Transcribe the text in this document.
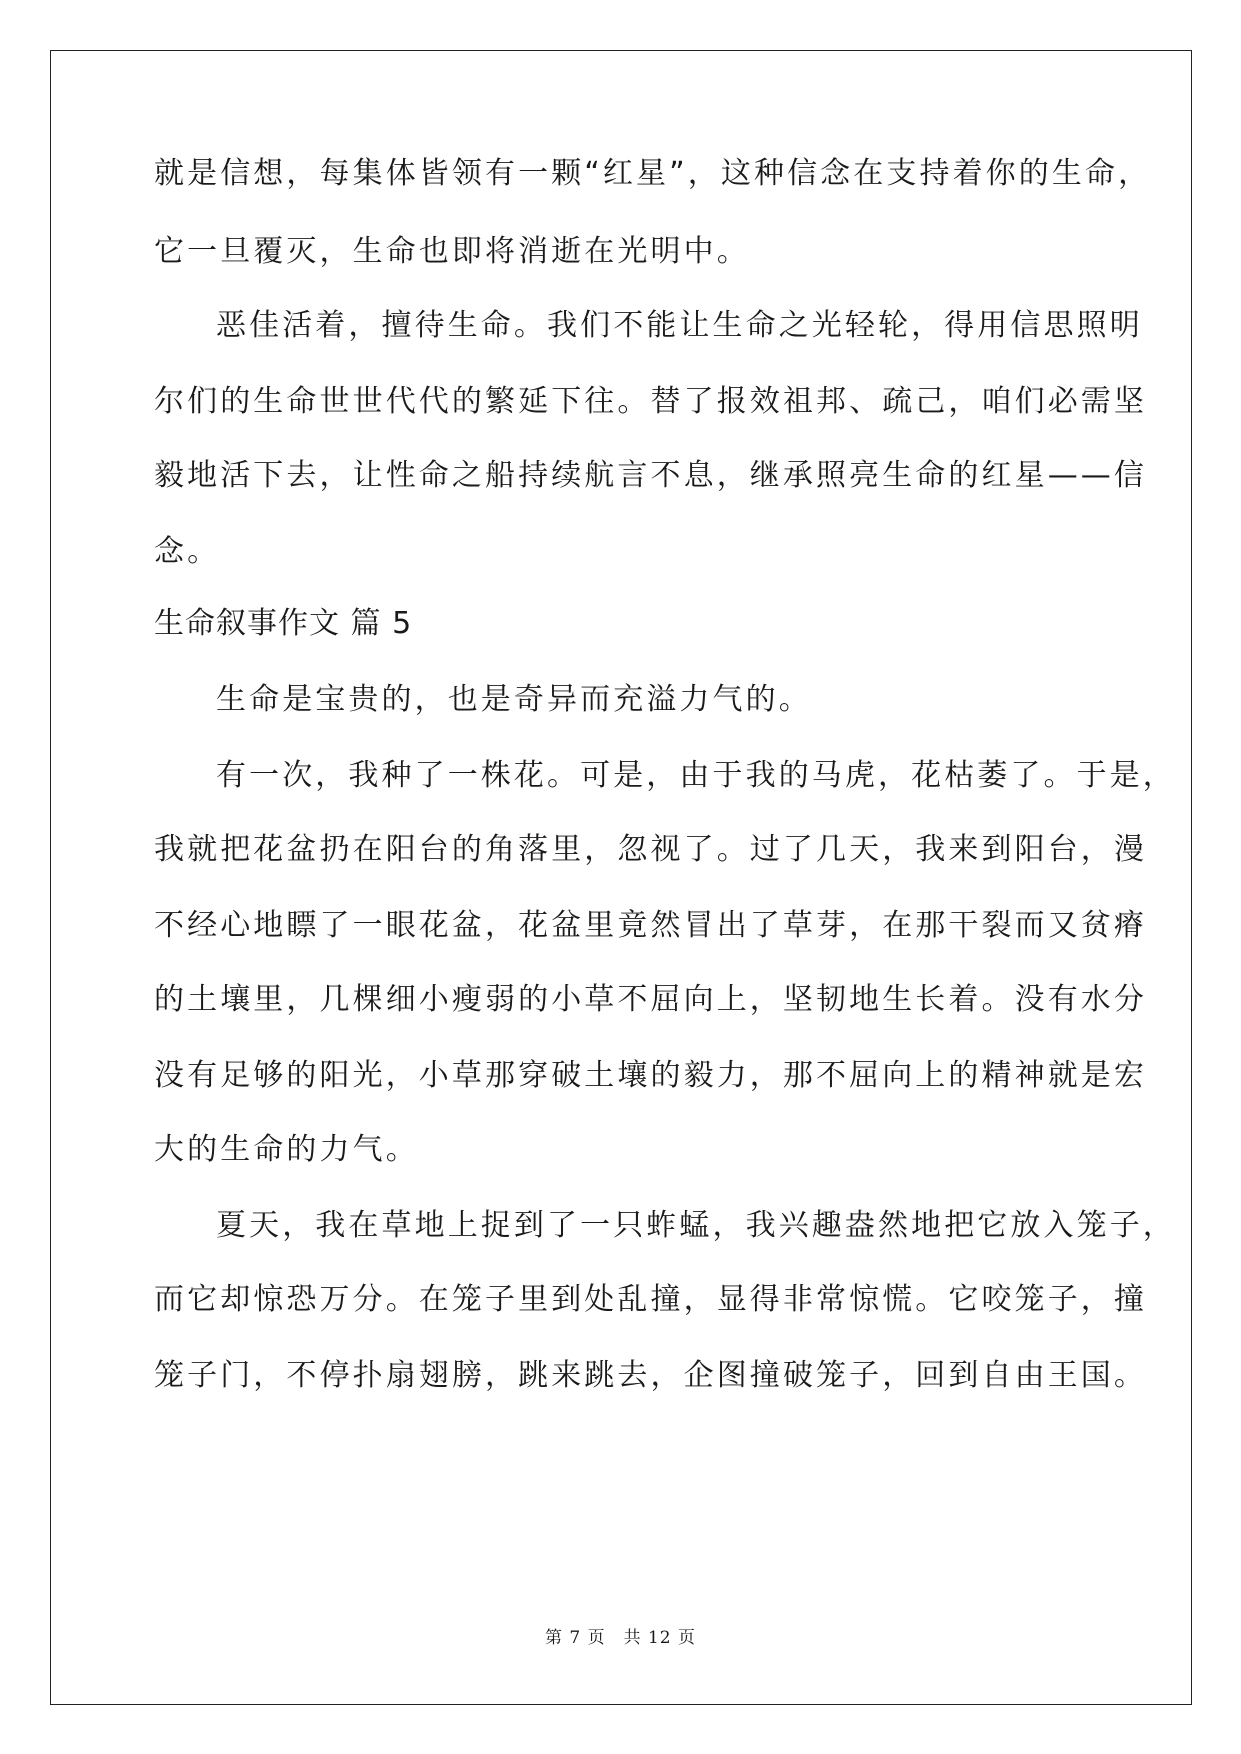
就是信想，每集体皆领有一颗“红星”，这种信念在支持着你的生命，
它一旦覆灭，生命也即将消逝在光明中。
恶佳活着，擅待生命。我们不能让生命之光轻轮，得用信思照明
尔们的生命世世代代的繁延下往。替了报效祖邦、疏己，咱们必需坚
毅地活下去，让性命之船持续航言不息，继承照亮生命的红星——信
念。
生命叙事作文 篇 5
生命是宝贵的，也是奇异而充溢力气的。
有一次，我种了一株花。可是，由于我的马虎，花枯萎了。于是，
我就把花盆扔在阳台的角落里，忽视了。过了几天，我来到阳台，漫
不经心地瞟了一眼花盆，花盆里竟然冒出了草芽，在那干裂而又贫瘠
的土壤里，几棵细小瘦弱的小草不屈向上，坚韧地生长着。没有水分
没有足够的阳光，小草那穿破土壤的毅力，那不屈向上的精神就是宏
大的生命的力气。
夏天，我在草地上捉到了一只蚱蜢，我兴趣盎然地把它放入笼子，
而它却惊恐万分。在笼子里到处乱撞，显得非常惊慌。它咬笼子，撞
笼子门，不停扑扇翅膀，跳来跳去，企图撞破笼子，回到自由王国。
第 7 页 共 12 页
